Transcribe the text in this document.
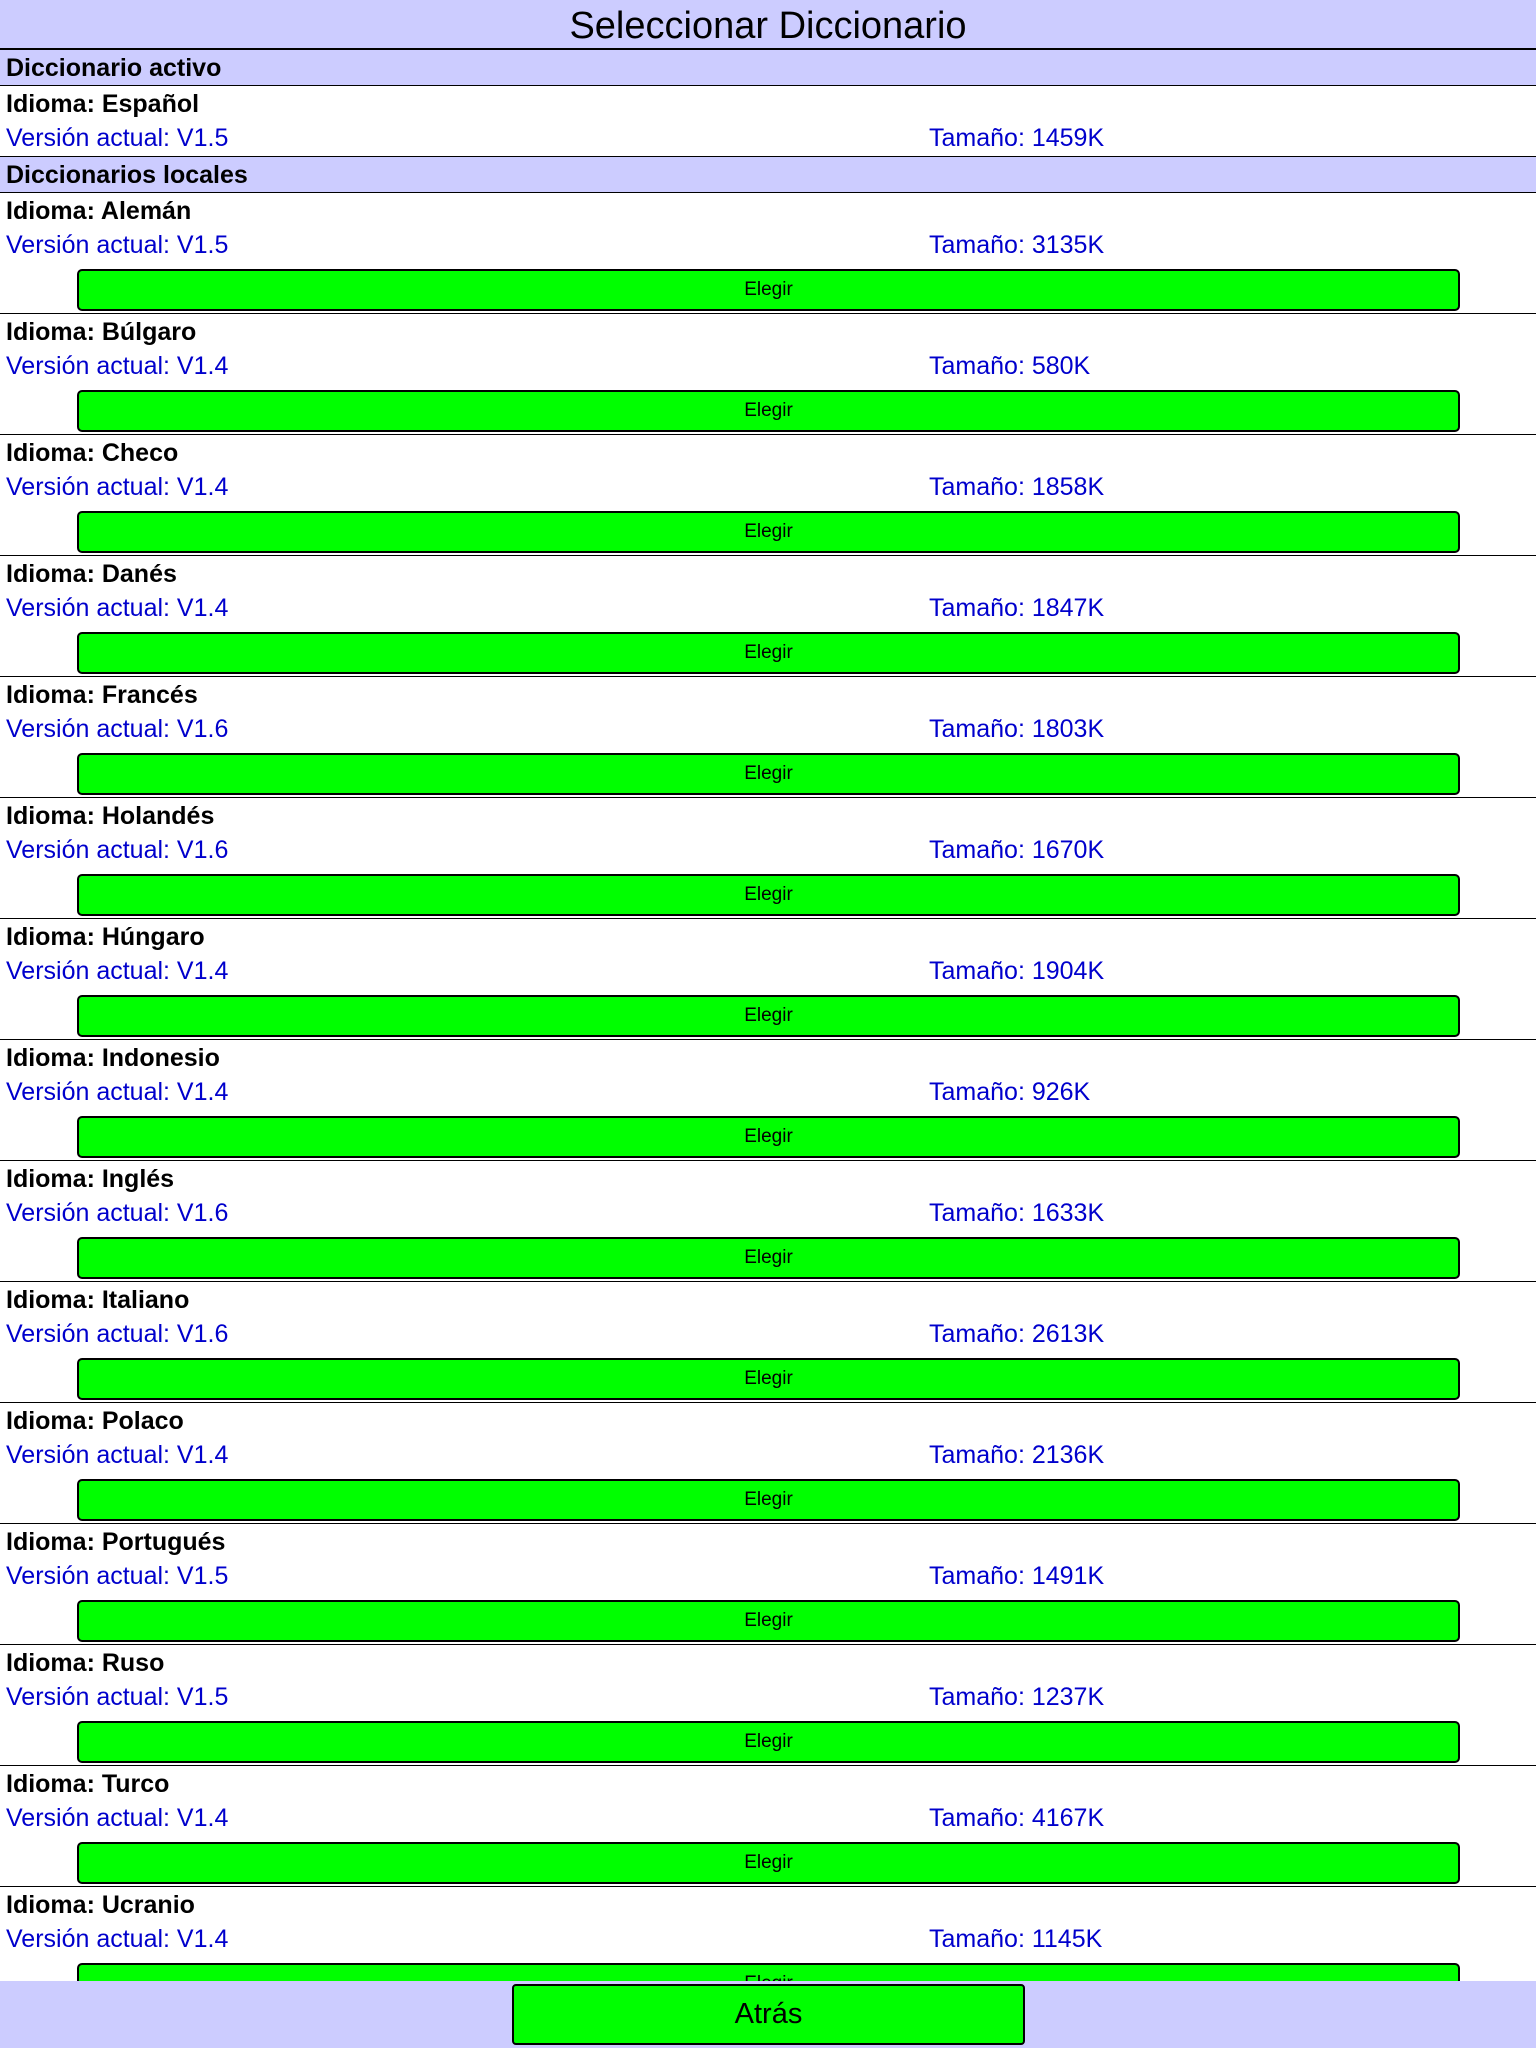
Seleccionar Diccionario
Diccionario activo
Idioma: Español
Versión actual: V1.5	Tamaño: 1459K
Diccionarios locales
Idioma: Alemán
Versión actual: V1.5	Tamaño: 3135K
Elegir
Idioma: Búlgaro
Versión actual: V1.4	Tamaño: 580K
Elegir
Idioma: Checo
Versión actual: V1.4	Tamaño: 1858K
Elegir
Idioma: Danés
Versión actual: V1.4	Tamaño: 1847K
Elegir
Idioma: Francés
Versión actual: V1.6	Tamaño: 1803K
Elegir
Idioma: Holandés
Versión actual: V1.6	Tamaño: 1670K
Elegir
Idioma: Húngaro
Versión actual: V1.4	Tamaño: 1904K
Elegir
Idioma: Indonesio
Versión actual: V1.4	Tamaño: 926K
Elegir
Idioma: Inglés
Versión actual: V1.6	Tamaño: 1633K
Elegir
Idioma: Italiano
Versión actual: V1.6	Tamaño: 2613K
Elegir
Idioma: Polaco
Versión actual: V1.4	Tamaño: 2136K
Elegir
Idioma: Portugués
Versión actual: V1.5	Tamaño: 1491K
Elegir
Idioma: Ruso
Versión actual: V1.5	Tamaño: 1237K
Elegir
Idioma: Turco
Versión actual: V1.4	Tamaño: 4167K
Elegir
Idioma: Ucranio
Versión actual: V1.4	Tamaño: 1145K
Atrás
